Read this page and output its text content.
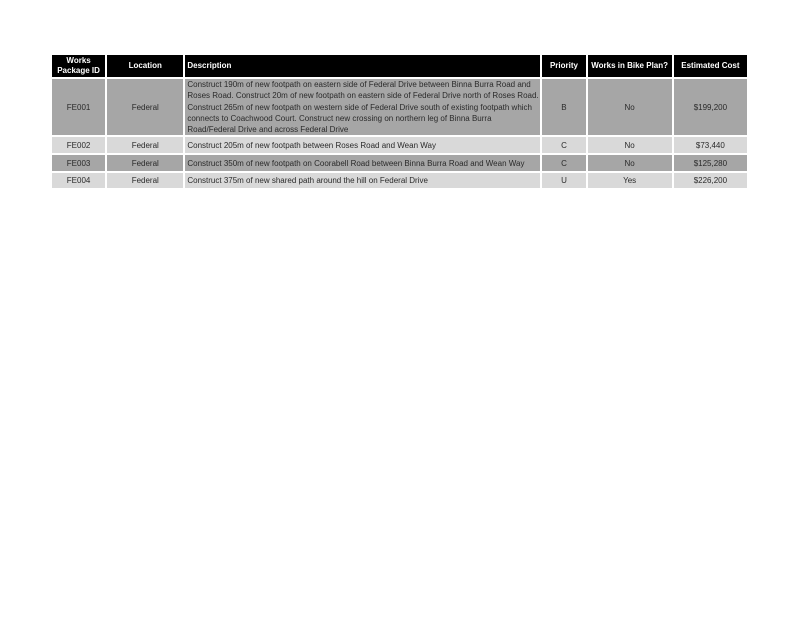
Works
Package ID	Location	Description	Priority	Works in Bike Plan?	Estimated Cost
FE001	Federal	Construct 190m of new footpath on eastern side of Federal Drive between Binna Burra Road and Roses Road. Construct 20m of new footpath on eastern side of Federal Drive north of Roses Road. Construct 265m of new footpath on western side of Federal Drive south of existing footpath which connects to Coachwood Court. Construct new crossing on northern leg of Binna Burra Road/Federal Drive and across Federal Drive	B	No	$199,200
FE002	Federal	Construct 205m of new footpath between Roses Road and Wean Way	C	No	$73,440
FE003	Federal	Construct 350m of new footpath on Coorabell Road between Binna Burra Road and Wean Way	C	No	$125,280
FE004	Federal	Construct 375m of new shared path around the hill on Federal Drive	U	Yes	$226,200
